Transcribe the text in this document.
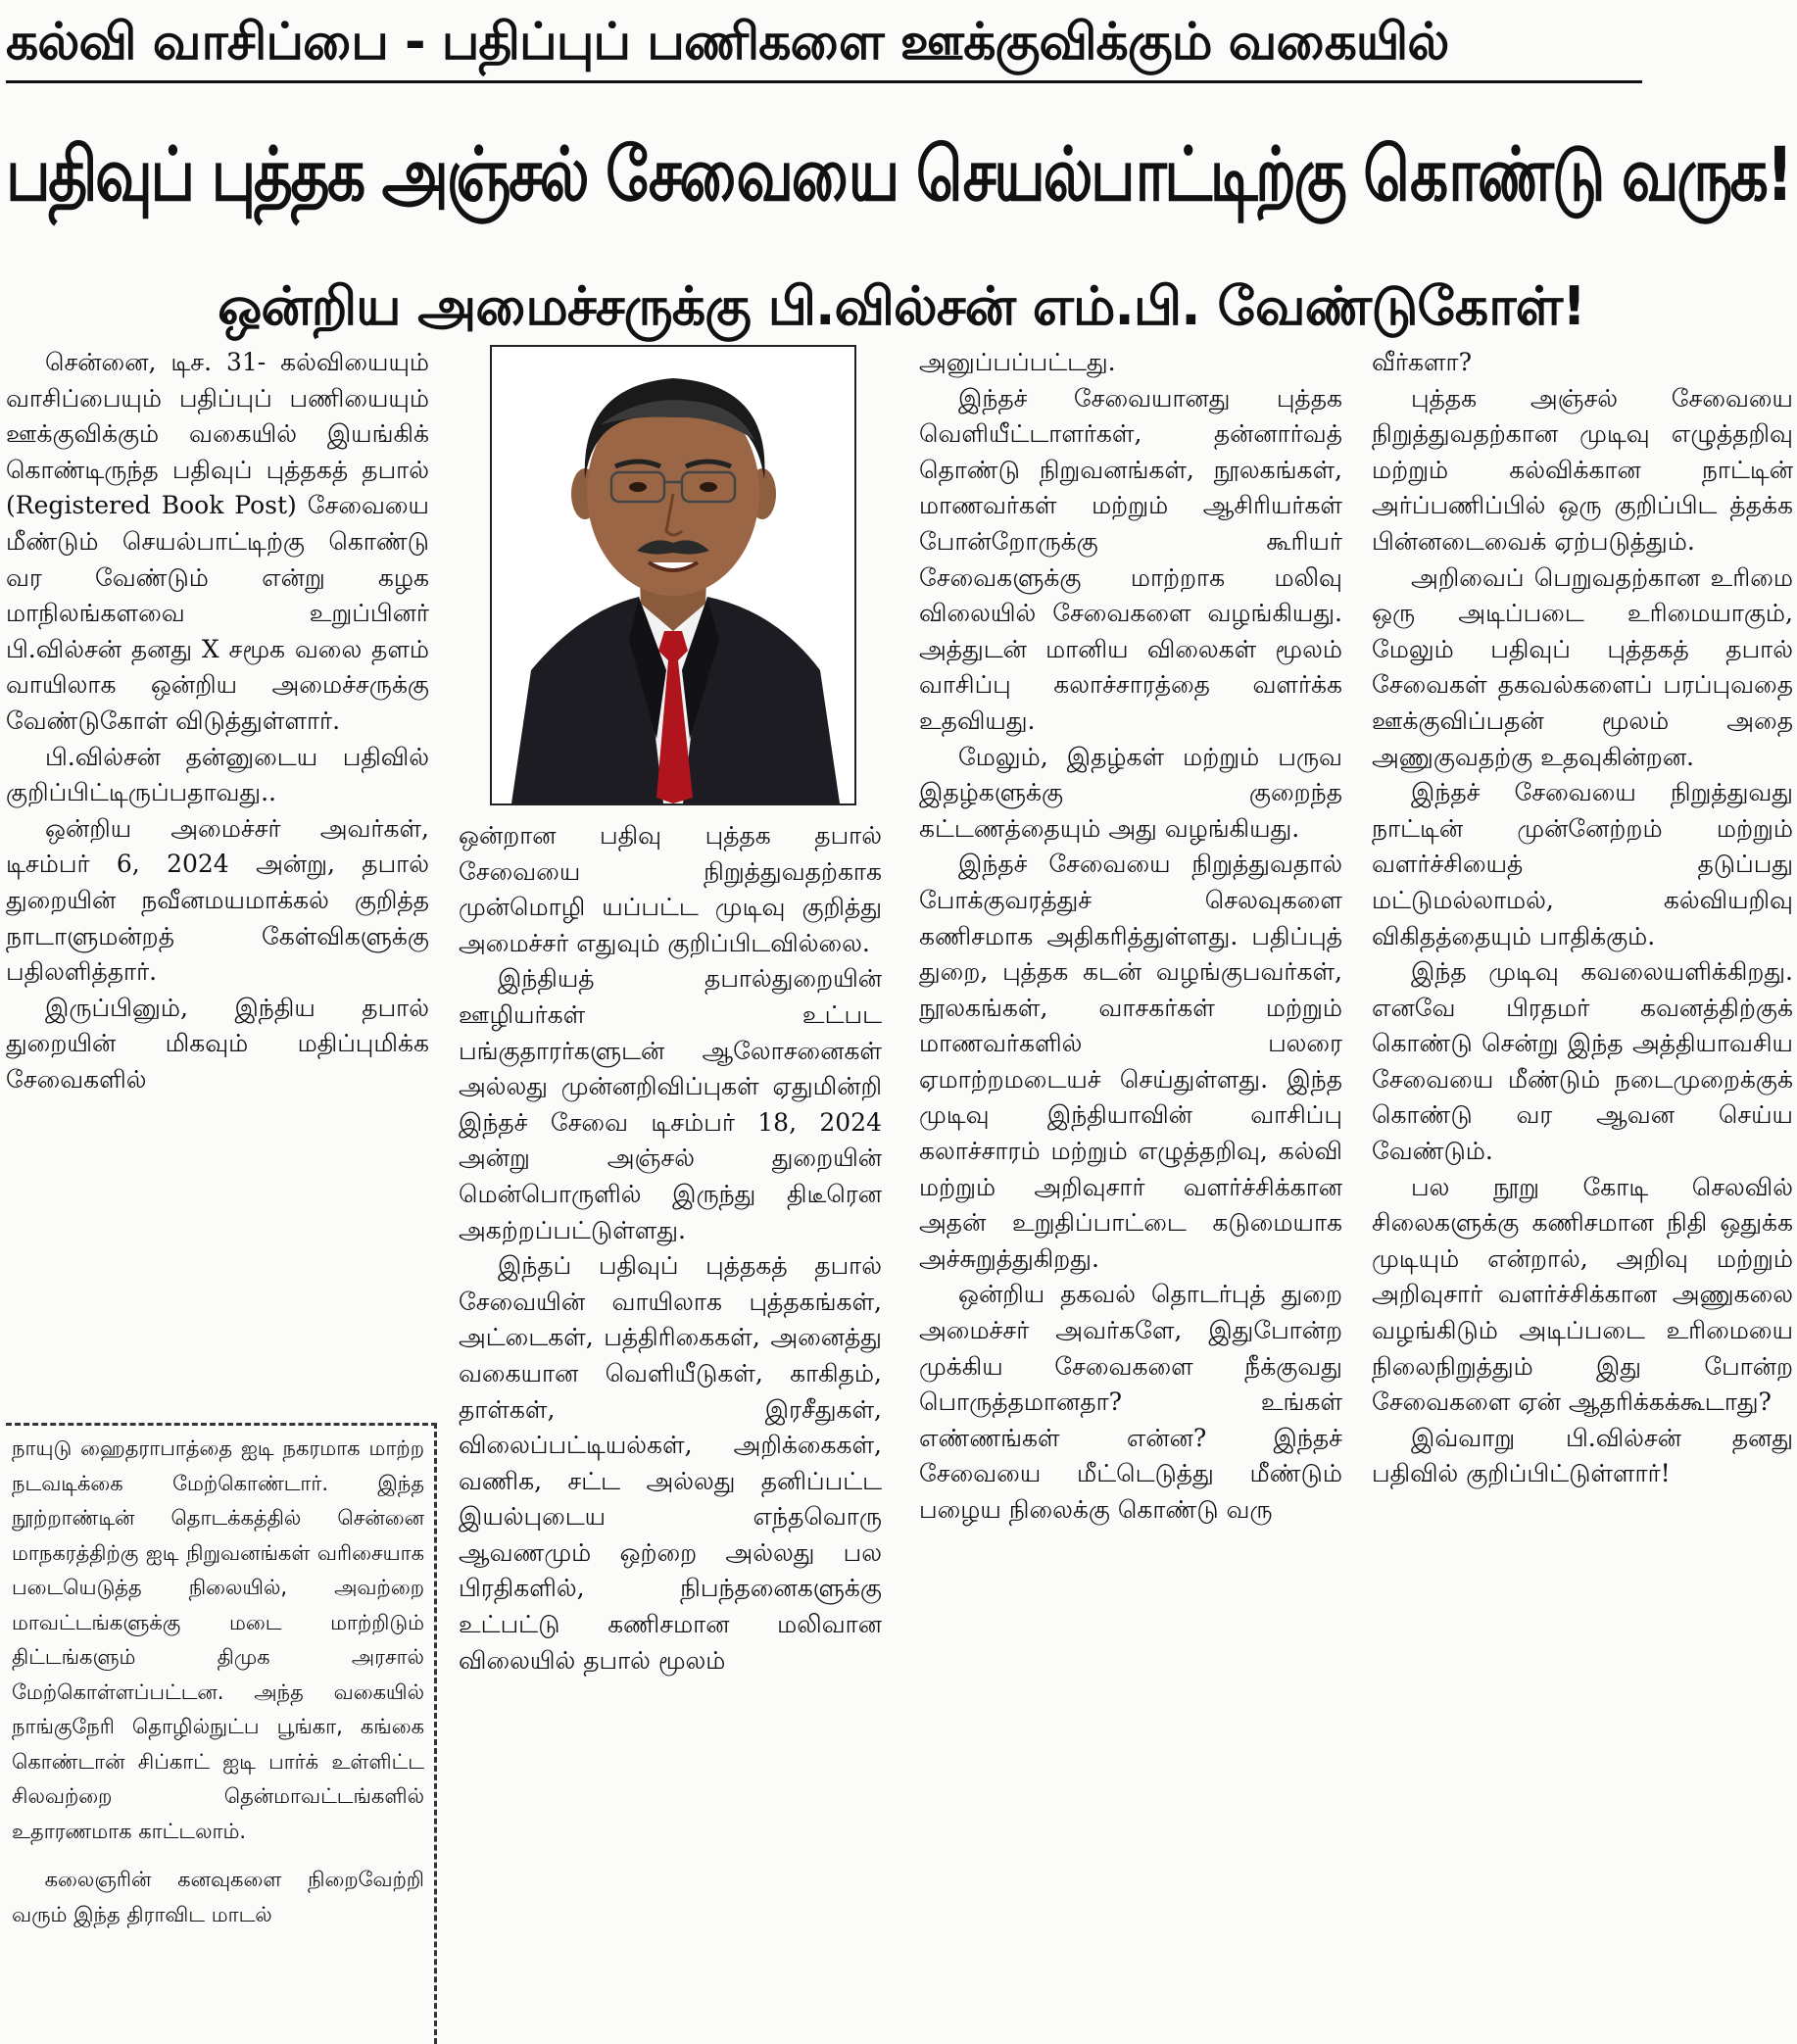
கல்வி வாசிப்பை - பதிப்புப் பணிகளை ஊக்குவிக்கும் வகையில்
பதிவுப் புத்தக அஞ்சல் சேவையை செயல்பாட்டிற்கு கொண்டு வருக!
ஒன்றிய அமைச்சருக்கு பி.வில்சன் எம்.பி. வேண்டுகோள்!

சென்னை, டிச. 31- கல்வியையும் வாசிப்பையும் பதிப்புப் பணியையும் ஊக்குவிக்கும் வகையில் இயங்கிக் கொண்டிருந்த பதிவுப் புத்தகத் தபால் (Registered Book Post) சேவையை மீண்டும் செயல்பாட்டிற்கு கொண்டு வர வேண்டும் என்று கழக மாநிலங்களவை உறுப்பினர் பி.வில்சன் தனது X சமூக வலை தளம் வாயிலாக ஒன்றிய அமைச்சருக்கு வேண்டுகோள் விடுத்துள்ளார்.

பி.வில்சன் தன்னுடைய பதிவில் குறிப்பிட்டிருப்பதாவது..

ஒன்றிய அமைச்சர் அவர்கள், டிசம்பர் 6, 2024 அன்று, தபால் துறையின் நவீனமயமாக்கல் குறித்த நாடாளுமன்றத் கேள்விகளுக்கு பதிலளித்தார்.

இருப்பினும், இந்திய தபால் துறையின் மிகவும் மதிப்புமிக்க சேவைகளில்

ஒன்றான பதிவு புத்தக தபால் சேவையை நிறுத்துவதற்காக முன்மொழி யப்பட்ட முடிவு குறித்து அமைச்சர் எதுவும் குறிப்பிடவில்லை.

இந்தியத் தபால்துறையின் ஊழியர்கள் உட்பட பங்குதாரர்களுடன் ஆலோசனைகள் அல்லது முன்னறிவிப்புகள் ஏதுமின்றி இந்தச் சேவை டிசம்பர் 18, 2024 அன்று அஞ்சல் துறையின் மென்பொருளில் இருந்து திடீரென அகற்றப்பட்டுள்ளது.

இந்தப் பதிவுப் புத்தகத் தபால் சேவையின் வாயிலாக புத்தகங்கள், அட்டைகள், பத்திரிகைகள், அனைத்து வகையான வெளியீடுகள், காகிதம், தாள்கள், இரசீதுகள், விலைப்பட்டியல்கள், அறிக்கைகள், வணிக, சட்ட அல்லது தனிப்பட்ட இயல்புடைய எந்தவொரு ஆவணமும் ஒற்றை அல்லது பல பிரதிகளில், நிபந்தனைகளுக்கு உட்பட்டு கணிசமான மலிவான விலையில் தபால் மூலம்

அனுப்பப்பட்டது.

இந்தச் சேவையானது புத்தக வெளியீட்டாளர்கள், தன்னார்வத் தொண்டு நிறுவனங்கள், நூலகங்கள், மாணவர்கள் மற்றும் ஆசிரியர்கள் போன்றோருக்கு கூரியர் சேவைகளுக்கு மாற்றாக மலிவு விலையில் சேவைகளை வழங்கியது. அத்துடன் மானிய விலைகள் மூலம் வாசிப்பு கலாச்சாரத்தை வளர்க்க உதவியது.

மேலும், இதழ்கள் மற்றும் பருவ இதழ்களுக்கு குறைந்த கட்டணத்தையும் அது வழங்கியது.

இந்தச் சேவையை நிறுத்துவதால் போக்குவரத்துச் செலவுகளை கணிசமாக அதிகரித்துள்ளது. பதிப்புத் துறை, புத்தக கடன் வழங்குபவர்கள், நூலகங்கள், வாசகர்கள் மற்றும் மாணவர்களில் பலரை ஏமாற்றமடையச் செய்துள்ளது. இந்த முடிவு இந்தியாவின் வாசிப்பு கலாச்சாரம் மற்றும் எழுத்தறிவு, கல்வி மற்றும் அறிவுசார் வளர்ச்சிக்கான அதன் உறுதிப்பாட்டை கடுமையாக அச்சுறுத்துகிறது.

ஒன்றிய தகவல் தொடர்புத் துறை அமைச்சர் அவர்களே, இதுபோன்ற முக்கிய சேவைகளை நீக்குவது பொருத்தமானதா? உங்கள் எண்ணங்கள் என்ன? இந்தச் சேவையை மீட்டெடுத்து மீண்டும் பழைய நிலைக்கு கொண்டு வரு

வீர்களா?

புத்தக அஞ்சல் சேவையை நிறுத்துவதற்கான முடிவு எழுத்தறிவு மற்றும் கல்விக்கான நாட்டின் அர்ப்பணிப்பில் ஒரு குறிப்பிட த்தக்க பின்னடைவைக் ஏற்படுத்தும்.

அறிவைப் பெறுவதற்கான உரிமை ஒரு அடிப்படை உரிமையாகும், மேலும் பதிவுப் புத்தகத் தபால் சேவைகள் தகவல்களைப் பரப்புவதை ஊக்குவிப்பதன் மூலம் அதை அணுகுவதற்கு உதவுகின்றன.

இந்தச் சேவையை நிறுத்துவது நாட்டின் முன்னேற்றம் மற்றும் வளர்ச்சியைத் தடுப்பது மட்டுமல்லாமல், கல்வியறிவு விகிதத்தையும் பாதிக்கும்.

இந்த முடிவு கவலையளிக்கிறது. எனவே பிரதமர் கவனத்திற்குக் கொண்டு சென்று இந்த அத்தியாவசிய சேவையை மீண்டும் நடைமுறைக்குக் கொண்டு வர ஆவன செய்ய வேண்டும்.

பல நூறு கோடி செலவில் சிலைகளுக்கு கணிசமான நிதி ஒதுக்க முடியும் என்றால், அறிவு மற்றும் அறிவுசார் வளர்ச்சிக்கான அணுகலை வழங்கிடும் அடிப்படை உரிமையை நிலைநிறுத்தும் இது போன்ற சேவைகளை ஏன் ஆதரிக்கக்கூடாது?

இவ்வாறு பி.வில்சன் தனது பதிவில் குறிப்பிட்டுள்ளார்!

நாயுடு ஹைதராபாத்தை ஐடி நகரமாக மாற்ற நடவடிக்கை மேற்கொண்டார். இந்த நூற்றாண்டின் தொடக்கத்தில் சென்னை மாநகரத்திற்கு ஐடி நிறுவனங்கள் வரிசையாக படையெடுத்த நிலையில், அவற்றை மாவட்டங்களுக்கு மடை மாற்றிடும் திட்டங்களும் திமுக அரசால் மேற்கொள்ளப்பட்டன. அந்த வகையில் நாங்குநேரி தொழில்நுட்ப பூங்கா, கங்கை கொண்டான் சிப்காட் ஐடி பார்க் உள்ளிட்ட சிலவற்றை தென்மாவட்டங்களில் உதாரணமாக காட்டலாம்.

கலைஞரின் கனவுகளை நிறைவேற்றி வரும் இந்த திராவிட மாடல்
